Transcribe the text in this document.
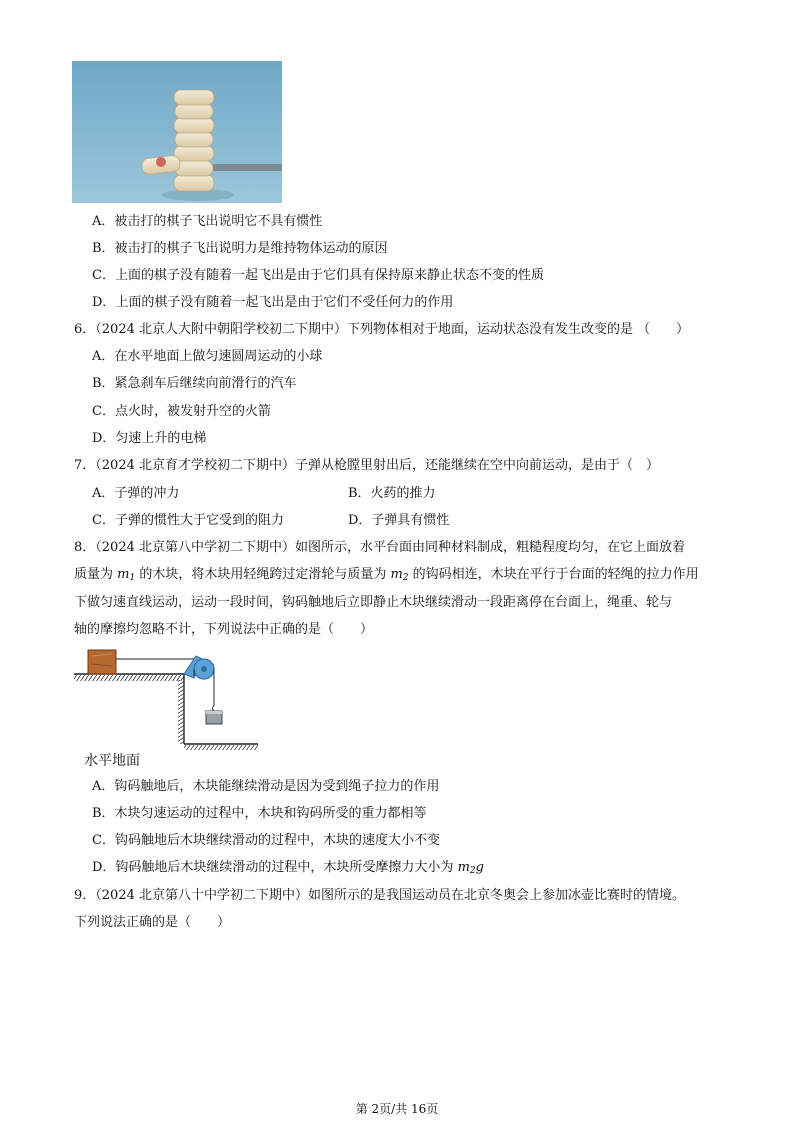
A．被击打的棋子飞出说明它不具有惯性
B．被击打的棋子飞出说明力是维持物体运动的原因
C．上面的棋子没有随着一起飞出是由于它们具有保持原来静止状态不变的性质
D．上面的棋子没有随着一起飞出是由于它们不受任何力的作用
6．（2024 北京人大附中朝阳学校初二下期中）下列物体相对于地面，运动状态没有发生改变的是 （　　）
A．在水平地面上做匀速圆周运动的小球
B．紧急刹车后继续向前滑行的汽车
C．点火时，被发射升空的火箭
D．匀速上升的电梯
7．（2024 北京育才学校初二下期中）子弹从枪膛里射出后，还能继续在空中向前运动，是由于（　）
A．子弹的冲力	B．火药的推力
C．子弹的惯性大于它受到的阻力	D．子弹具有惯性
8．（2024 北京第八中学初二下期中）如图所示，水平台面由同种材料制成，粗糙程度均匀，在它上面放着
质量为 $m_1$ 的木块，将木块用轻绳跨过定滑轮与质量为 $m_2$ 的钩码相连，木块在平行于台面的轻绳的拉力作用
下做匀速直线运动，运动一段时间，钩码触地后立即静止木块继续滑动一段距离停在台面上，绳重、轮与
轴的摩擦均忽略不计，下列说法中正确的是（　　）
水平地面
A．钩码触地后，木块能继续滑动是因为受到绳子拉力的作用
B．木块匀速运动的过程中，木块和钩码所受的重力都相等
C．钩码触地后木块继续滑动的过程中，木块的速度大小不变
D．钩码触地后木块继续滑动的过程中，木块所受摩擦力大小为 $m_2g$
9．（2024 北京第八十中学初二下期中）如图所示的是我国运动员在北京冬奥会上参加冰壶比赛时的情境。
下列说法正确的是（　　）
第 2页/共 16页
